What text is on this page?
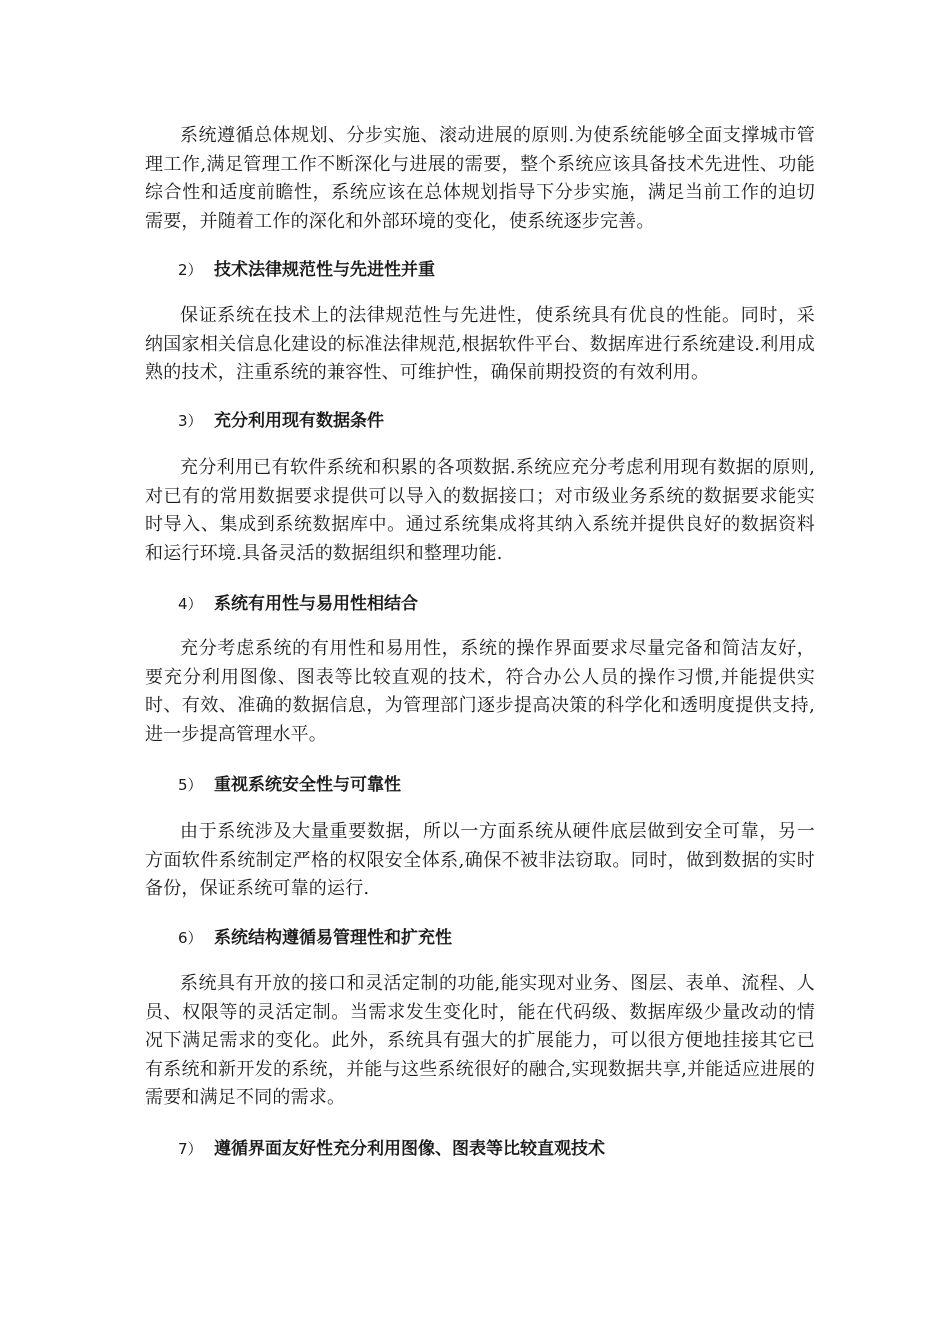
系统遵循总体规划、分步实施、滚动进展的原则.为使系统能够全面支撑城市管理工作,满足管理工作不断深化与进展的需要，整个系统应该具备技术先进性、功能综合性和适度前瞻性，系统应该在总体规划指导下分步实施，满足当前工作的迫切需要，并随着工作的深化和外部环境的变化，使系统逐步完善。

2） 技术法律规范性与先进性并重

保证系统在技术上的法律规范性与先进性，使系统具有优良的性能。同时，采纳国家相关信息化建设的标准法律规范,根据软件平台、数据库进行系统建设.利用成熟的技术，注重系统的兼容性、可维护性，确保前期投资的有效利用。

3） 充分利用现有数据条件

充分利用已有软件系统和积累的各项数据.系统应充分考虑利用现有数据的原则,对已有的常用数据要求提供可以导入的数据接口；对市级业务系统的数据要求能实时导入、集成到系统数据库中。通过系统集成将其纳入系统并提供良好的数据资料和运行环境.具备灵活的数据组织和整理功能.

4） 系统有用性与易用性相结合

充分考虑系统的有用性和易用性，系统的操作界面要求尽量完备和简洁友好，要充分利用图像、图表等比较直观的技术，符合办公人员的操作习惯,并能提供实时、有效、准确的数据信息，为管理部门逐步提高决策的科学化和透明度提供支持,进一步提高管理水平。

5） 重视系统安全性与可靠性

由于系统涉及大量重要数据，所以一方面系统从硬件底层做到安全可靠，另一方面软件系统制定严格的权限安全体系,确保不被非法窃取。同时，做到数据的实时备份，保证系统可靠的运行.

6） 系统结构遵循易管理性和扩充性

系统具有开放的接口和灵活定制的功能,能实现对业务、图层、表单、流程、人员、权限等的灵活定制。当需求发生变化时，能在代码级、数据库级少量改动的情况下满足需求的变化。此外，系统具有强大的扩展能力，可以很方便地挂接其它已有系统和新开发的系统，并能与这些系统很好的融合,实现数据共享,并能适应进展的需要和满足不同的需求。

7） 遵循界面友好性充分利用图像、图表等比较直观技术
